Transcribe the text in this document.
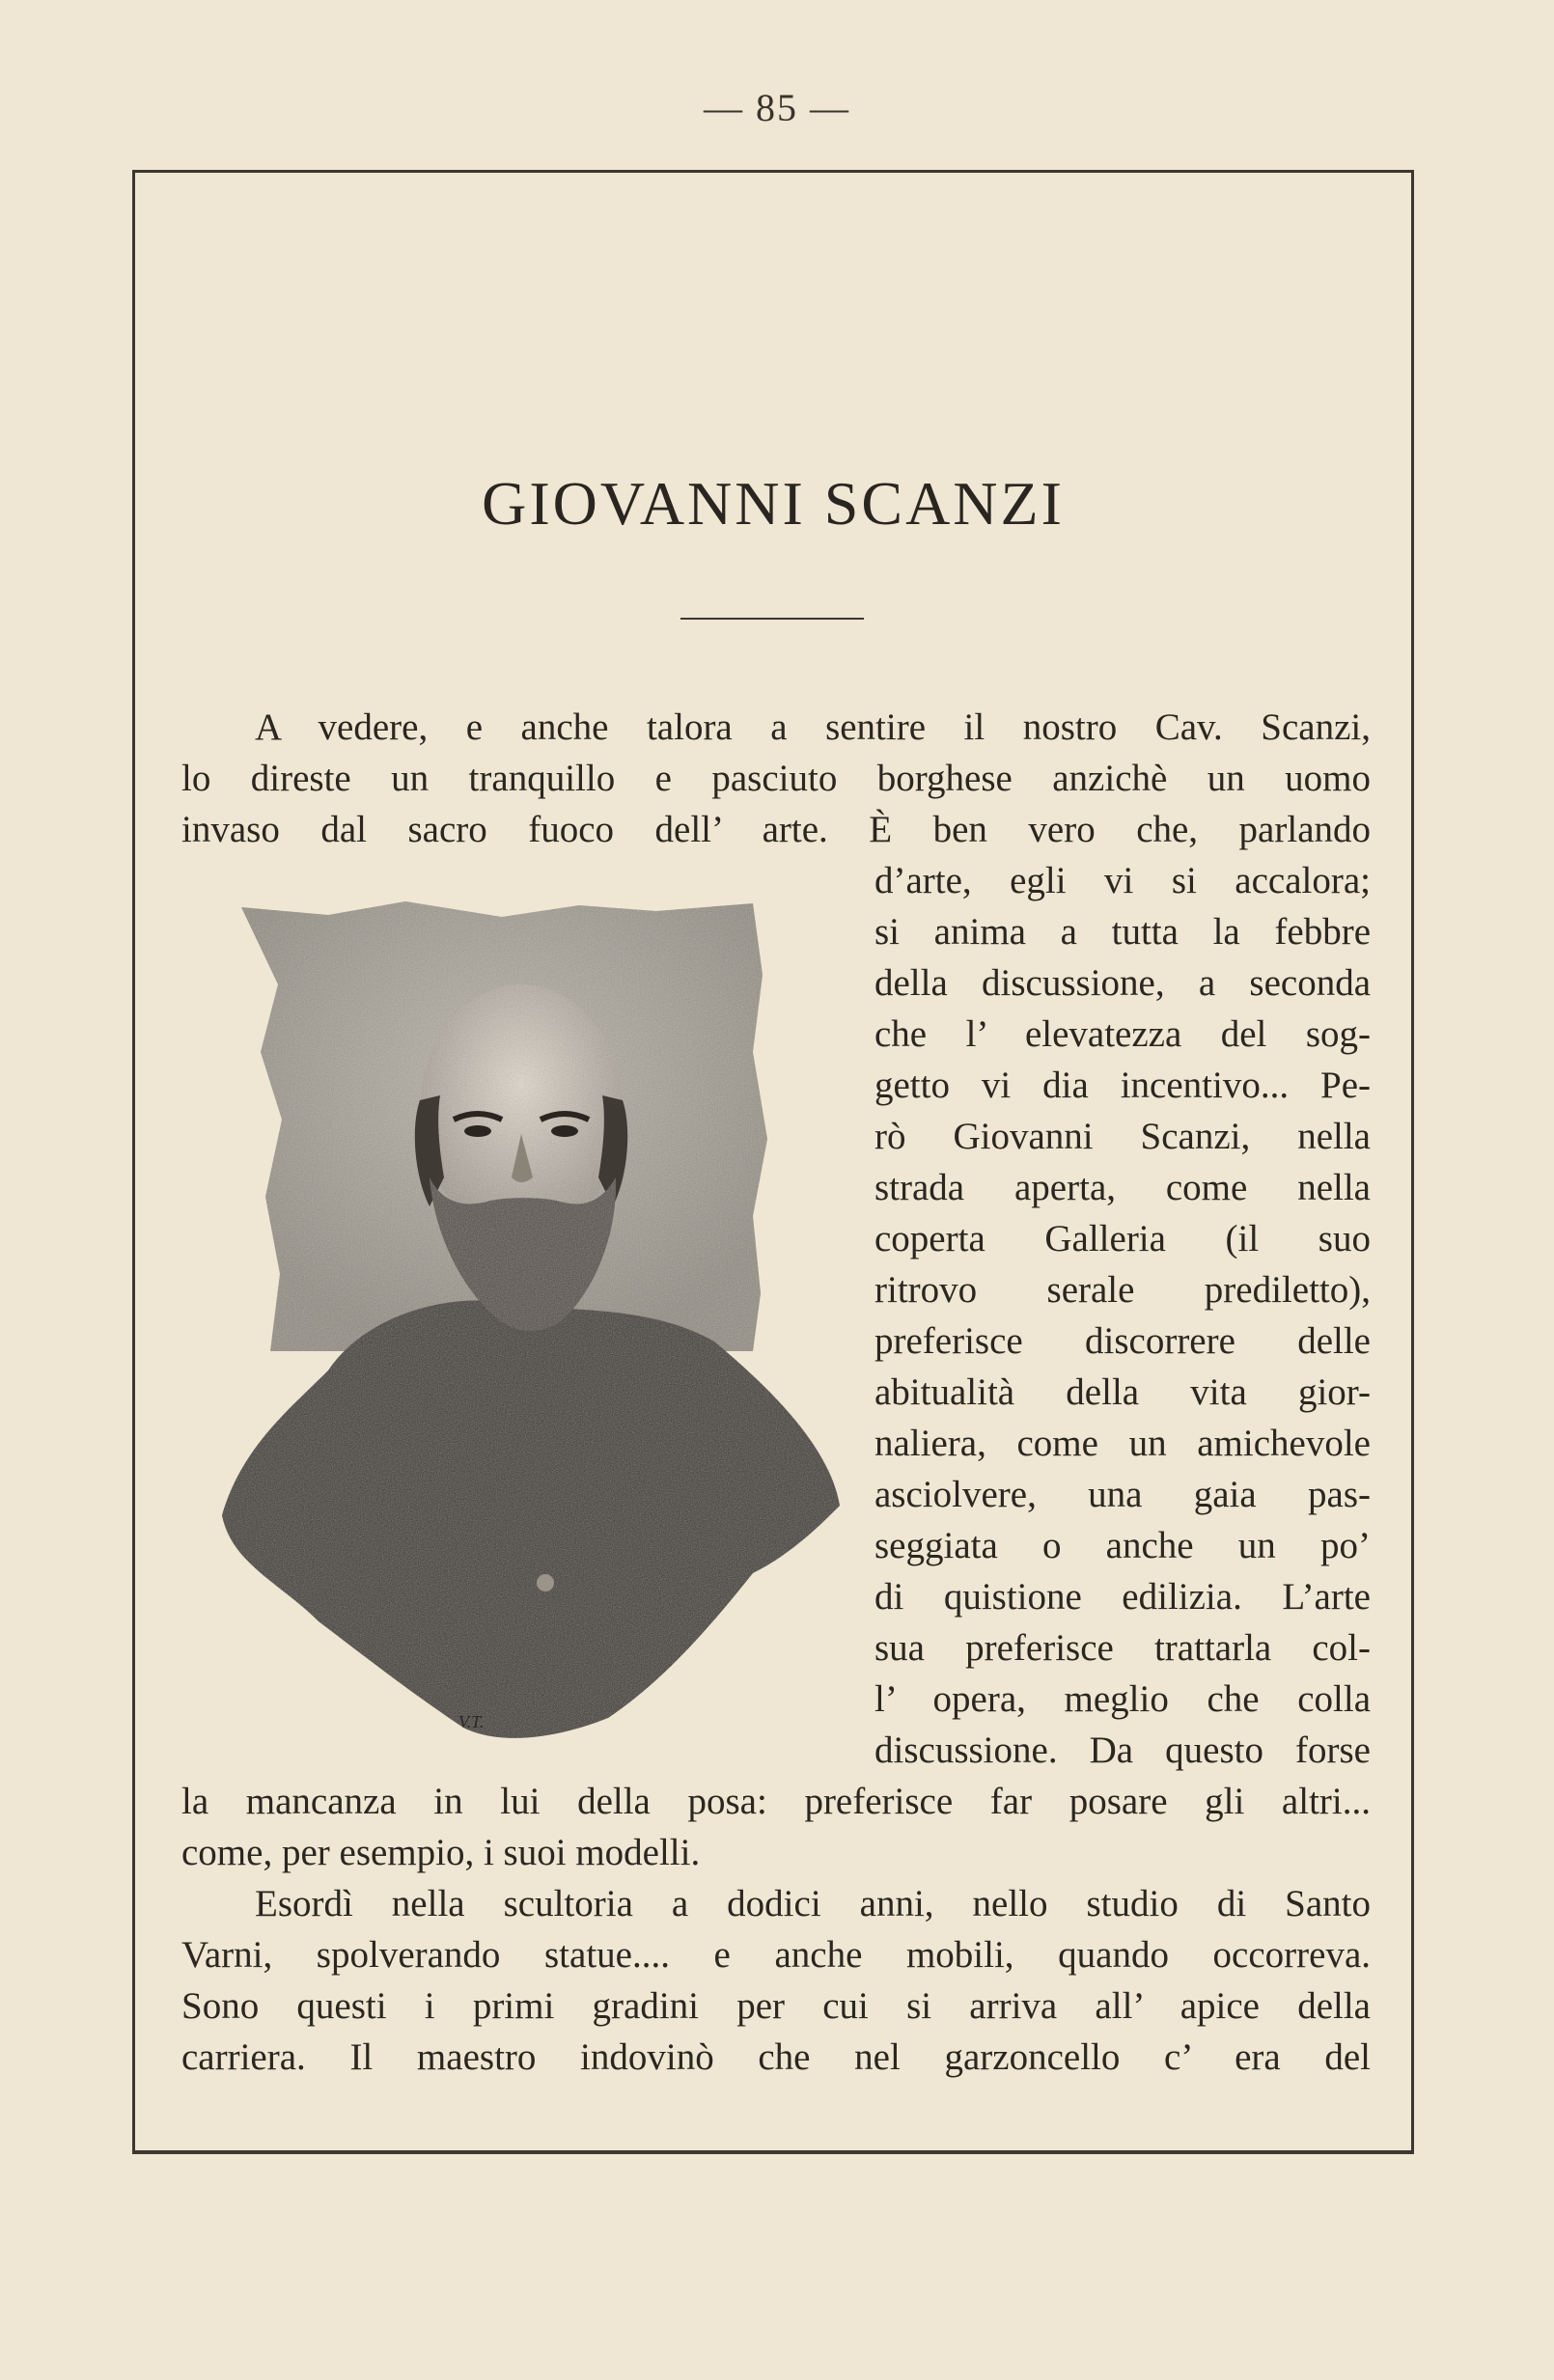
— 85 —
GIOVANNI SCANZI
A vedere, e anche talora a sentire il nostro Cav. Scanzi,
lo direste un tranquillo e pasciuto borghese anzichè un uomo
invaso dal sacro fuoco dell’ arte. È ben vero che, parlando
V.T.
d’arte, egli vi si accalora;
si anima a tutta la febbre
della discussione, a seconda
che l’ elevatezza del sog-
getto vi dia incentivo... Pe-
rò Giovanni Scanzi, nella
strada aperta, come nella
coperta Galleria (il suo
ritrovo serale prediletto),
preferisce discorrere delle
abitualità della vita gior-
naliera, come un amichevole
asciolvere, una gaia pas-
seggiata o anche un po’
di quistione edilizia. L’arte
sua preferisce trattarla col-
l’ opera, meglio che colla
discussione. Da questo forse
la mancanza in lui della posa: preferisce far posare gli altri...
come, per esempio, i suoi modelli.
Esordì nella scultoria a dodici anni, nello studio di Santo
Varni, spolverando statue.... e anche mobili, quando occorreva.
Sono questi i primi gradini per cui si arriva all’ apice della
carriera. Il maestro indovinò che nel garzoncello c’ era del
